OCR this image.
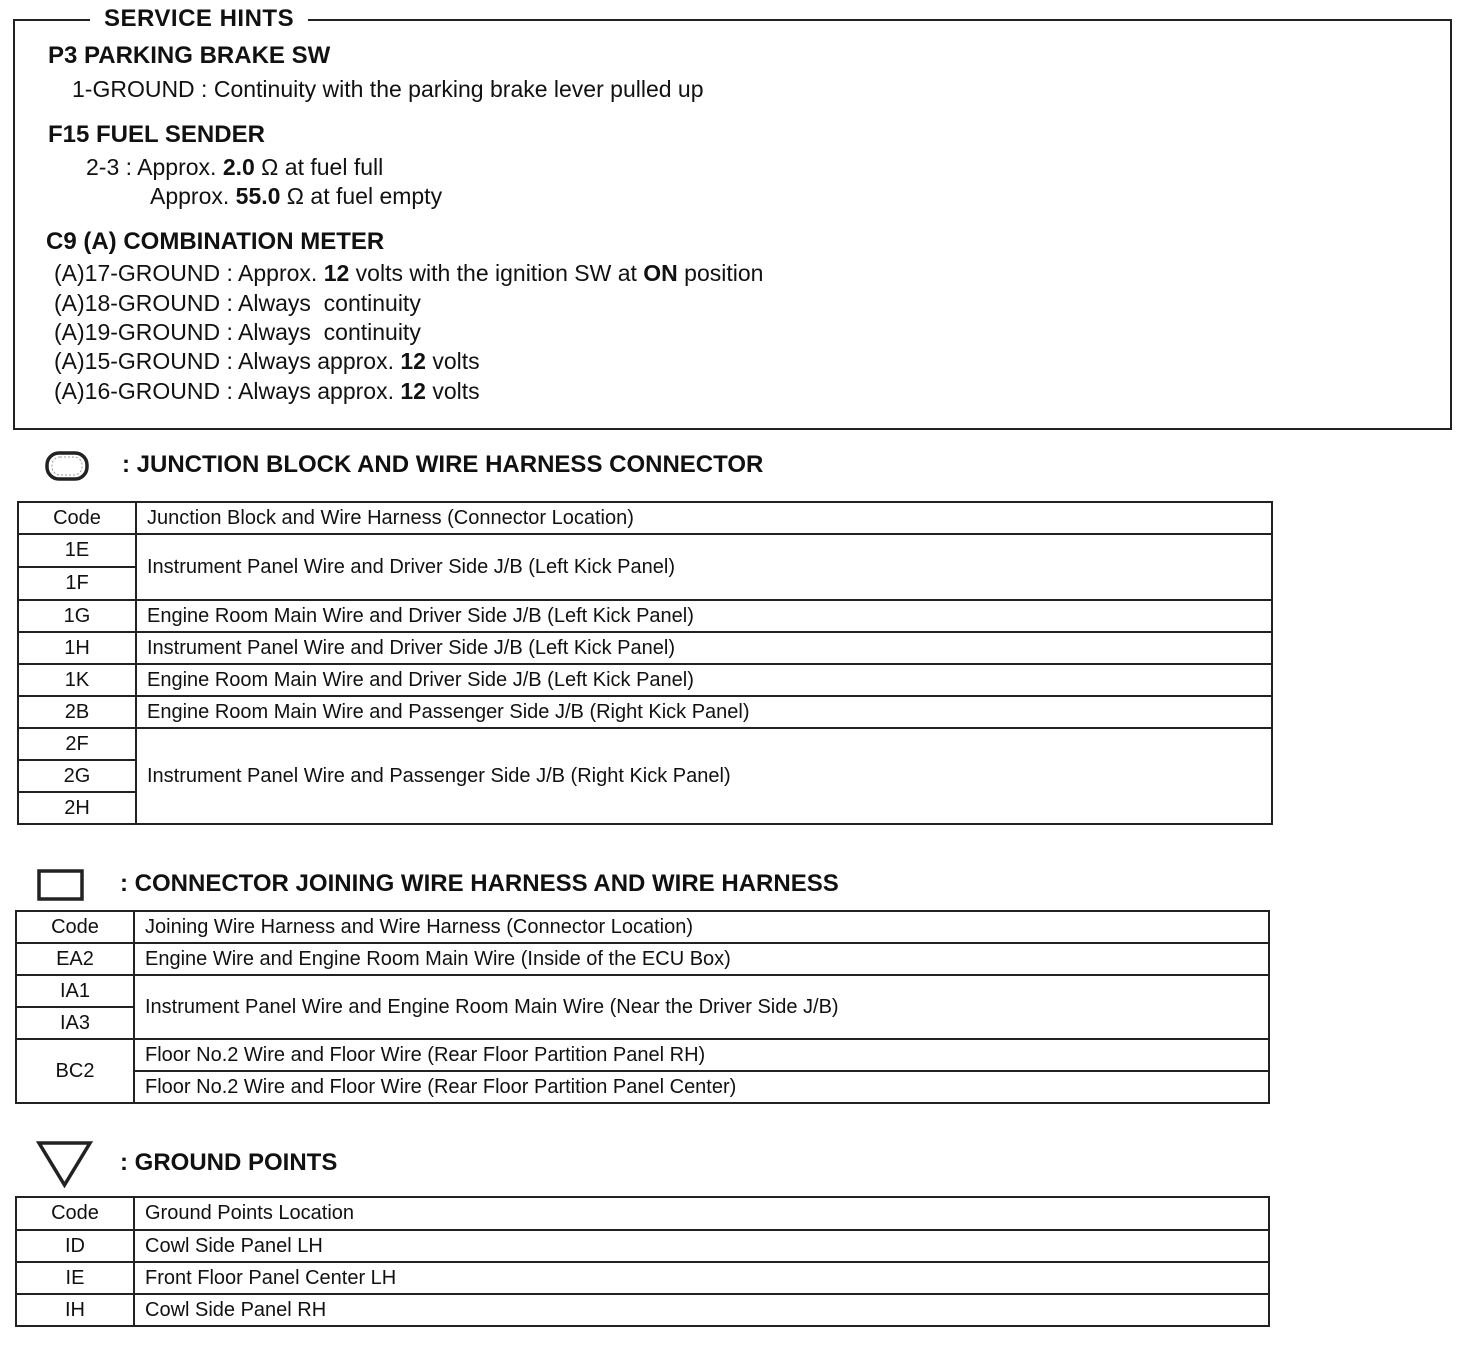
SERVICE HINTS
P3 PARKING BRAKE SW
1-GROUND : Continuity with the parking brake lever pulled up
F15 FUEL SENDER
2-3 : Approx. 2.0 Ω at fuel full
Approx. 55.0 Ω at fuel empty
C9 (A) COMBINATION METER
(A)17-GROUND : Approx. 12 volts with the ignition SW at ON position
(A)18-GROUND : Always  continuity
(A)19-GROUND : Always  continuity
(A)15-GROUND : Always approx. 12 volts
(A)16-GROUND : Always approx. 12 volts
: JUNCTION BLOCK AND WIRE HARNESS CONNECTOR
Code	Junction Block and Wire Harness (Connector Location)
1E	Instrument Panel Wire and Driver Side J/B (Left Kick Panel)
1F	
1G	Engine Room Main Wire and Driver Side J/B (Left Kick Panel)
1H	Instrument Panel Wire and Driver Side J/B (Left Kick Panel)
1K	Engine Room Main Wire and Driver Side J/B (Left Kick Panel)
2B	Engine Room Main Wire and Passenger Side J/B (Right Kick Panel)
2F	Instrument Panel Wire and Passenger Side J/B (Right Kick Panel)
2G	
2H	
: CONNECTOR JOINING WIRE HARNESS AND WIRE HARNESS
Code	Joining Wire Harness and Wire Harness (Connector Location)
EA2	Engine Wire and Engine Room Main Wire (Inside of the ECU Box)
IA1	Instrument Panel Wire and Engine Room Main Wire (Near the Driver Side J/B)
IA3	
BC2	Floor No.2 Wire and Floor Wire (Rear Floor Partition Panel RH)
	Floor No.2 Wire and Floor Wire (Rear Floor Partition Panel Center)
: GROUND POINTS
Code	Ground Points Location
ID	Cowl Side Panel LH
IE	Front Floor Panel Center LH
IH	Cowl Side Panel RH
